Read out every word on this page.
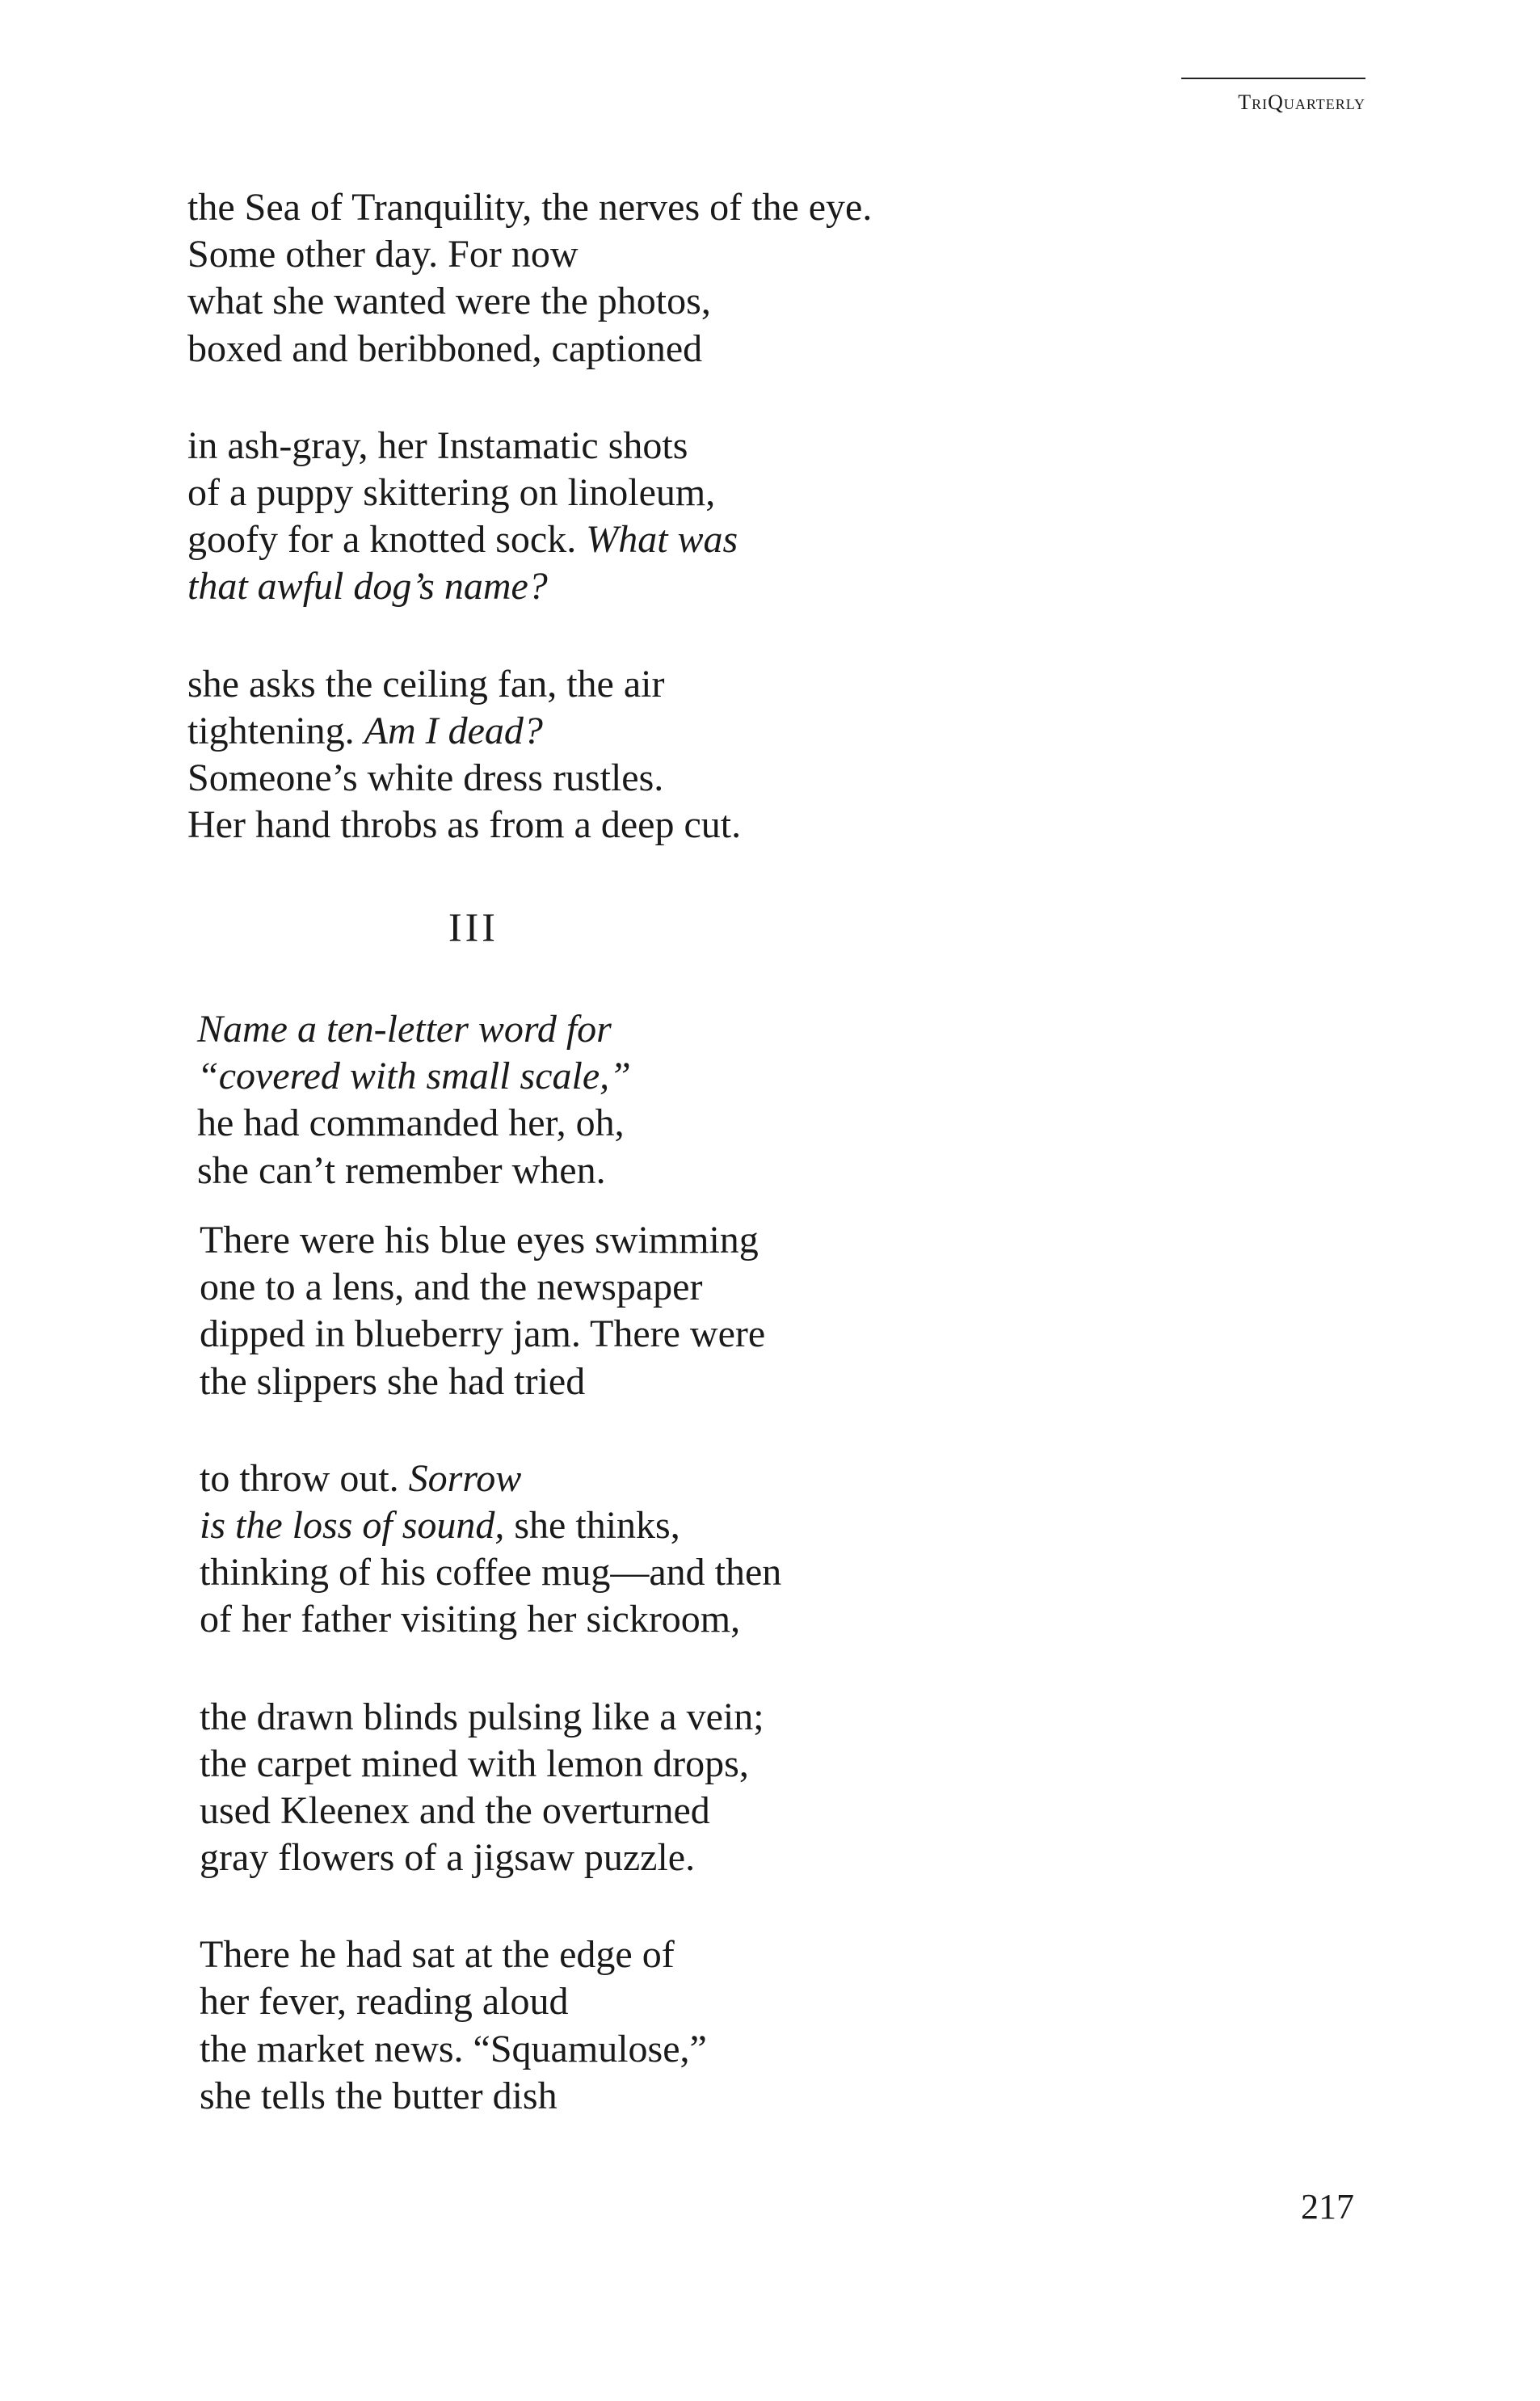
TriQuarterly
the Sea of Tranquility, the nerves of the eye.
Some other day. For now
what she wanted were the photos,
boxed and beribboned, captioned
in ash-gray, her Instamatic shots
of a puppy skittering on linoleum,
goofy for a knotted sock. What was
that awful dog’s name?
she asks the ceiling fan, the air
tightening. Am I dead?
Someone’s white dress rustles.
Her hand throbs as from a deep cut.
III
Name a ten-letter word for
“covered with small scale,”
he had commanded her, oh,
she can’t remember when.
There were his blue eyes swimming
one to a lens, and the newspaper
dipped in blueberry jam. There were
the slippers she had tried
to throw out. Sorrow
is the loss of sound, she thinks,
thinking of his coffee mug—and then
of her father visiting her sickroom,
the drawn blinds pulsing like a vein;
the carpet mined with lemon drops,
used Kleenex and the overturned
gray flowers of a jigsaw puzzle.
There he had sat at the edge of
her fever, reading aloud
the market news. “Squamulose,”
she tells the butter dish
217
